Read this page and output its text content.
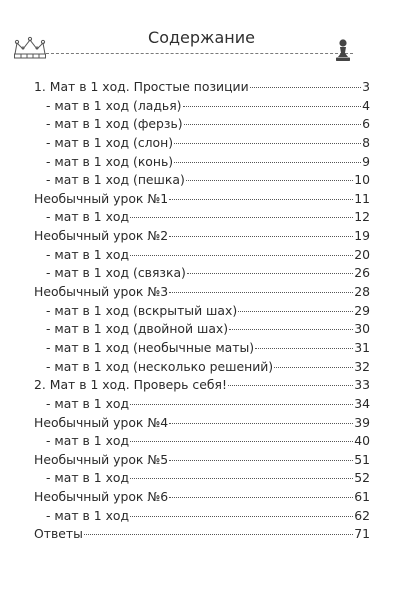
Содержание
1. Мат в 1 ход. Простые позиции	3
- мат в 1 ход (ладья)	4
- мат в 1 ход (ферзь)	6
- мат в 1 ход (слон)	8
- мат в 1 ход (конь)	9
- мат в 1 ход (пешка)	10
Необычный урок №1	11
- мат в 1 ход	12
Необычный урок №2	19
- мат в 1 ход	20
- мат в 1 ход (связка)	26
Необычный урок №3	28
- мат в 1 ход (вскрытый шах)	29
- мат в 1 ход (двойной шах)	30
- мат в 1 ход (необычные маты)	31
- мат в 1 ход (несколько решений)	32
2. Мат в 1 ход. Проверь себя!	33
- мат в 1 ход	34
Необычный урок №4	39
- мат в 1 ход	40
Необычный урок №5	51
- мат в 1 ход	52
Необычный урок №6	61
- мат в 1 ход	62
Ответы	71
